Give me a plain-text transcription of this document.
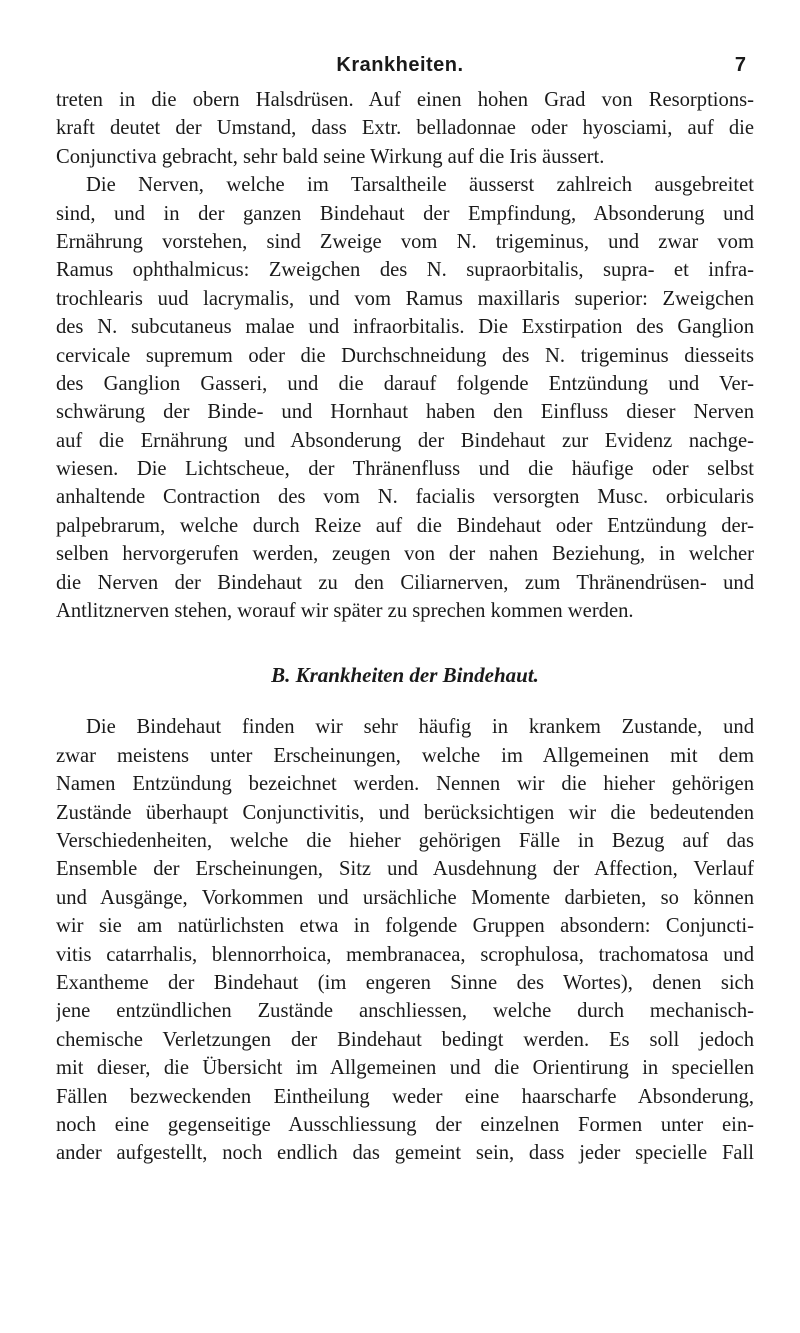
Krankheiten.	7
treten in die obern Halsdrüsen. Auf einen hohen Grad von Resorptions-
kraft deutet der Umstand, dass Extr. belladonnae oder hyosciami, auf die
Conjunctiva gebracht, sehr bald seine Wirkung auf die Iris äussert.
Die Nerven, welche im Tarsaltheile äusserst zahlreich ausgebreitet
sind, und in der ganzen Bindehaut der Empfindung, Absonderung und
Ernährung vorstehen, sind Zweige vom N. trigeminus, und zwar vom
Ramus ophthalmicus: Zweigchen des N. supraorbitalis, supra- et infra-
trochlearis uud lacrymalis, und vom Ramus maxillaris superior: Zweigchen
des N. subcutaneus malae und infraorbitalis. Die Exstirpation des Ganglion
cervicale supremum oder die Durchschneidung des N. trigeminus diesseits
des Ganglion Gasseri, und die darauf folgende Entzündung und Ver-
schwärung der Binde- und Hornhaut haben den Einfluss dieser Nerven
auf die Ernährung und Absonderung der Bindehaut zur Evidenz nachge-
wiesen. Die Lichtscheue, der Thränenfluss und die häufige oder selbst
anhaltende Contraction des vom N. facialis versorgten Musc. orbicularis
palpebrarum, welche durch Reize auf die Bindehaut oder Entzündung der-
selben hervorgerufen werden, zeugen von der nahen Beziehung, in welcher
die Nerven der Bindehaut zu den Ciliarnerven, zum Thränendrüsen- und
Antlitznerven stehen, worauf wir später zu sprechen kommen werden.
B. Krankheiten der Bindehaut.
Die Bindehaut finden wir sehr häufig in krankem Zustande, und
zwar meistens unter Erscheinungen, welche im Allgemeinen mit dem
Namen Entzündung bezeichnet werden. Nennen wir die hieher gehörigen
Zustände überhaupt Conjunctivitis, und berücksichtigen wir die bedeutenden
Verschiedenheiten, welche die hieher gehörigen Fälle in Bezug auf das
Ensemble der Erscheinungen, Sitz und Ausdehnung der Affection, Verlauf
und Ausgänge, Vorkommen und ursächliche Momente darbieten, so können
wir sie am natürlichsten etwa in folgende Gruppen absondern: Conjuncti-
vitis catarrhalis, blennorrhoica, membranacea, scrophulosa, trachomatosa und
Exantheme der Bindehaut (im engeren Sinne des Wortes), denen sich
jene entzündlichen Zustände anschliessen, welche durch mechanisch-
chemische Verletzungen der Bindehaut bedingt werden. Es soll jedoch
mit dieser, die Übersicht im Allgemeinen und die Orientirung in speciellen
Fällen bezweckenden Eintheilung weder eine haarscharfe Absonderung,
noch eine gegenseitige Ausschliessung der einzelnen Formen unter ein-
ander aufgestellt, noch endlich das gemeint sein, dass jeder specielle Fall
